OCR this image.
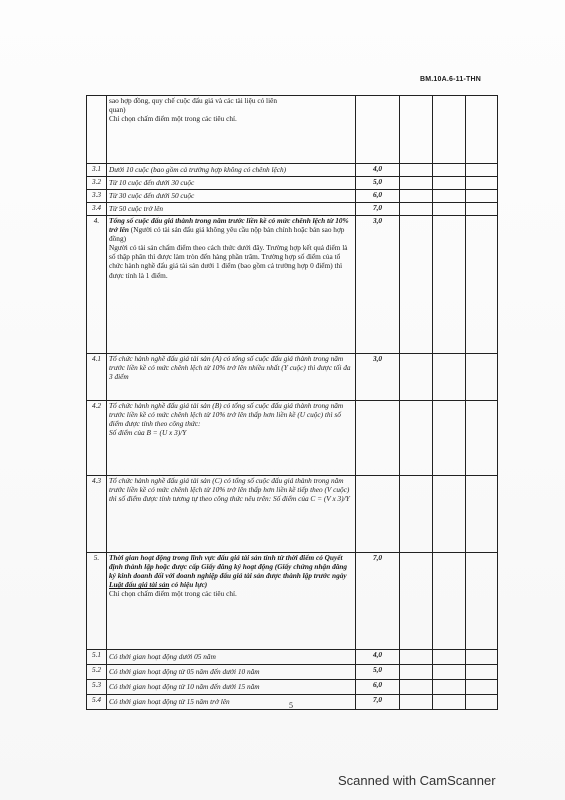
BM.10A.6-11-THN

	sao hợp đồng, quy chế cuộc đấu giá và các tài liệu có liên
quan)
Chỉ chọn chấm điểm một trong các tiêu chí.				

3.1	Dưới 10 cuộc (bao gồm cả trường hợp không có chênh lệch)	4,0			
3.2	Từ 10 cuộc đến dưới 30 cuộc	5,0			
3.3	Từ 30 cuộc đến dưới 50 cuộc	6,0			
3.4	Từ 50 cuộc trở lên	7,0			
4.	Tổng số cuộc đấu giá thành trong năm trước liền kề có mức chênh lệch từ 10% trở lên (Người có tài sản đấu giá không yêu cầu nộp bản chính hoặc bản sao hợp đồng)
Người có tài sản chấm điểm theo cách thức dưới đây. Trường hợp kết quả điểm là số thập phân thì được làm tròn đến hàng phần trăm. Trường hợp số điểm của tổ chức hành nghề đấu giá tài sản dưới 1 điểm (bao gồm cả trường hợp 0 điểm) thì được tính là 1 điểm.	3,0			
4.1	Tổ chức hành nghề đấu giá tài sản (A) có tổng số cuộc đấu giá thành trong năm trước liền kề có mức chênh lệch từ 10% trở lên nhiều nhất (Y cuộc) thì được tối đa 3 điểm	3,0			
4.2	Tổ chức hành nghề đấu giá tài sản (B) có tổng số cuộc đấu giá thành trong năm trước liền kề có mức chênh lệch từ 10% trở lên thấp hơn liền kề (U cuộc) thì số điểm được tính theo công thức:
Số điểm của B = (U x 3)/Y				

4.3	Tổ chức hành nghề đấu giá tài sản (C) có tổng số cuộc đấu giá thành trong năm trước liền kề có mức chênh lệch từ 10% trở lên thấp hơn liền kề tiếp theo (V cuộc) thì số điểm được tính tương tự theo công thức nêu trên: Số điểm của C = (V x 3)/Y				
5.	Thời gian hoạt động trong lĩnh vực đấu giá tài sản tính từ thời điểm có Quyết định thành lập hoặc được cấp Giấy đăng ký hoạt động (Giấy chứng nhận đăng ký kinh doanh đối với doanh nghiệp đấu giá tài sản được thành lập trước ngày Luật đấu giá tài sản có hiệu lực)
Chỉ chọn chấm điểm một trong các tiêu chí.	7,0			
5.1	Có thời gian hoạt động dưới 05 năm	4,0			
5.2	Có thời gian hoạt động từ 05 năm đến dưới 10 năm	5,0			
5.3	Có thời gian hoạt động từ 10 năm đến dưới 15 năm	6,0			
5.4	Có thời gian hoạt động từ 15 năm trở lên	7,0			
5
Scanned with CamScanner
